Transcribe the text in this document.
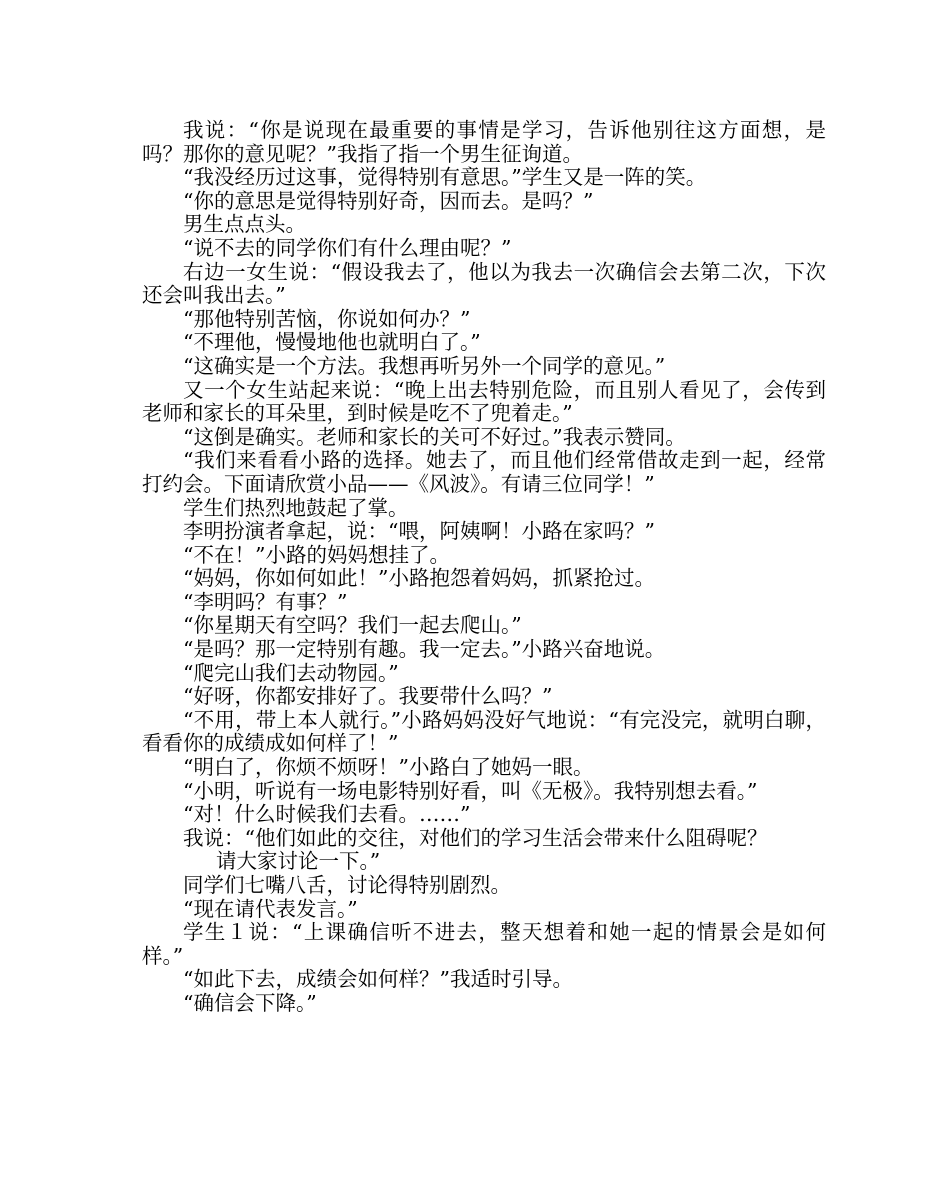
我说：“你是说现在最重要的事情是学习，告诉他别往这方面想，是吗？那你的意见呢？”我指了指一个男生征询道。

“我没经历过这事，觉得特别有意思。”学生又是一阵的笑。

“你的意思是觉得特别好奇，因而去。是吗？”

男生点点头。

“说不去的同学你们有什么理由呢？”

右边一女生说：“假设我去了，他以为我去一次确信会去第二次，下次还会叫我出去。”

“那他特别苦恼，你说如何办？”

“不理他，慢慢地他也就明白了。”

“这确实是一个方法。我想再听另外一个同学的意见。”

又一个女生站起来说：“晚上出去特别危险，而且别人看见了，会传到老师和家长的耳朵里，到时候是吃不了兜着走。”

“这倒是确实。老师和家长的关可不好过。”我表示赞同。

“我们来看看小路的选择。她去了，而且他们经常借故走到一起，经常打约会。下面请欣赏小品——《风波》。有请三位同学！”

学生们热烈地鼓起了掌。

李明扮演者拿起，说：“喂，阿姨啊！小路在家吗？”

“不在！”小路的妈妈想挂了。

“妈妈，你如何如此！”小路抱怨着妈妈，抓紧抢过。

“李明吗？有事？”

“你星期天有空吗？我们一起去爬山。”

“是吗？那一定特别有趣。我一定去。”小路兴奋地说。

“爬完山我们去动物园。”

“好呀，你都安排好了。我要带什么吗？”

“不用，带上本人就行。”小路妈妈没好气地说：“有完没完，就明白聊，看看你的成绩成如何样了！”

“明白了，你烦不烦呀！”小路白了她妈一眼。

“小明，听说有一场电影特别好看，叫《无极》。我特别想去看。”

“对！什么时候我们去看。……”

我说：“他们如此的交往，对他们的学习生活会带来什么阻碍呢？

请大家讨论一下。”

同学们七嘴八舌，讨论得特别剧烈。

“现在请代表发言。”

学生１说：“上课确信听不进去，整天想着和她一起的情景会是如何样。”

“如此下去，成绩会如何样？”我适时引导。

“确信会下降。”
